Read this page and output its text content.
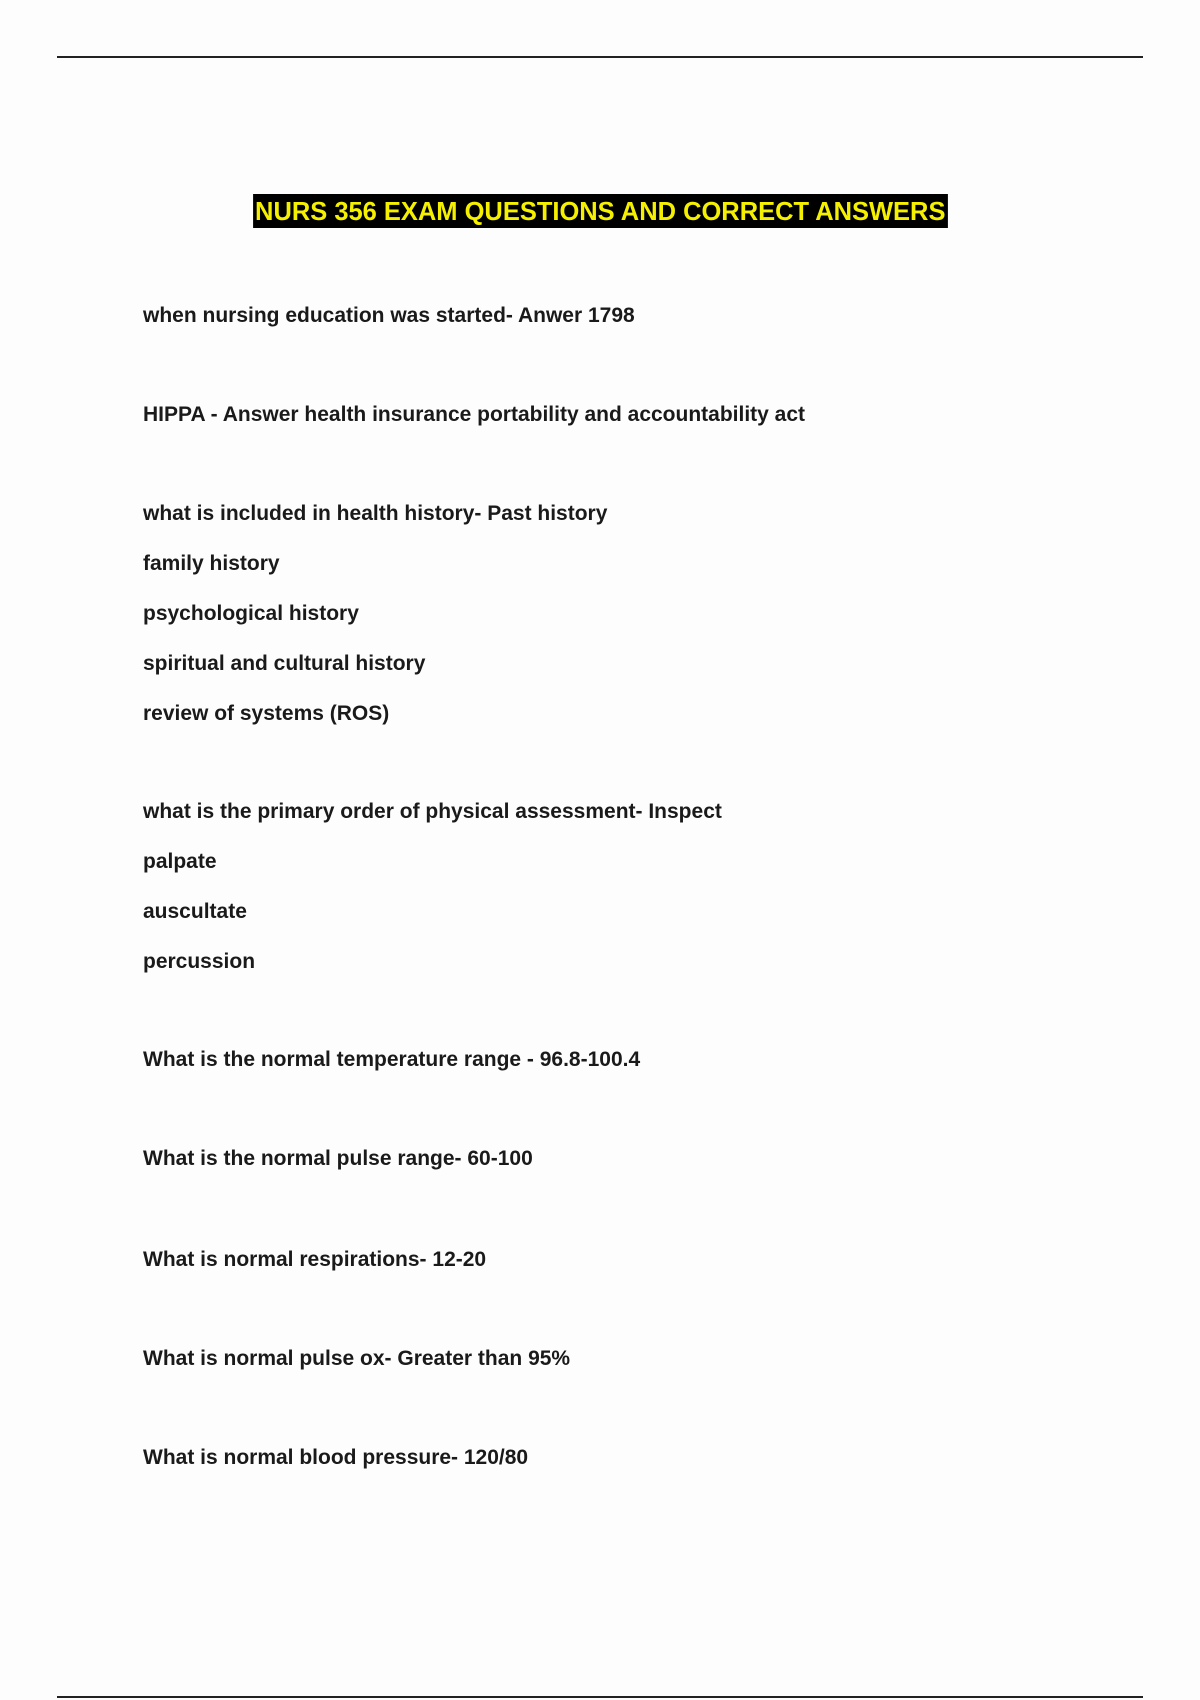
NURS 356 EXAM QUESTIONS AND CORRECT ANSWERS
when nursing education was started- Anwer 1798
HIPPA - Answer health insurance portability and accountability act
what is included in health history- Past history
family history
psychological history
spiritual and cultural history
review of systems (ROS)
what is the primary order of physical assessment- Inspect
palpate
auscultate
percussion
What is the normal temperature range - 96.8-100.4
What is the normal pulse range- 60-100
What is normal respirations- 12-20
What is normal pulse ox- Greater than 95%
What is normal blood pressure- 120/80
